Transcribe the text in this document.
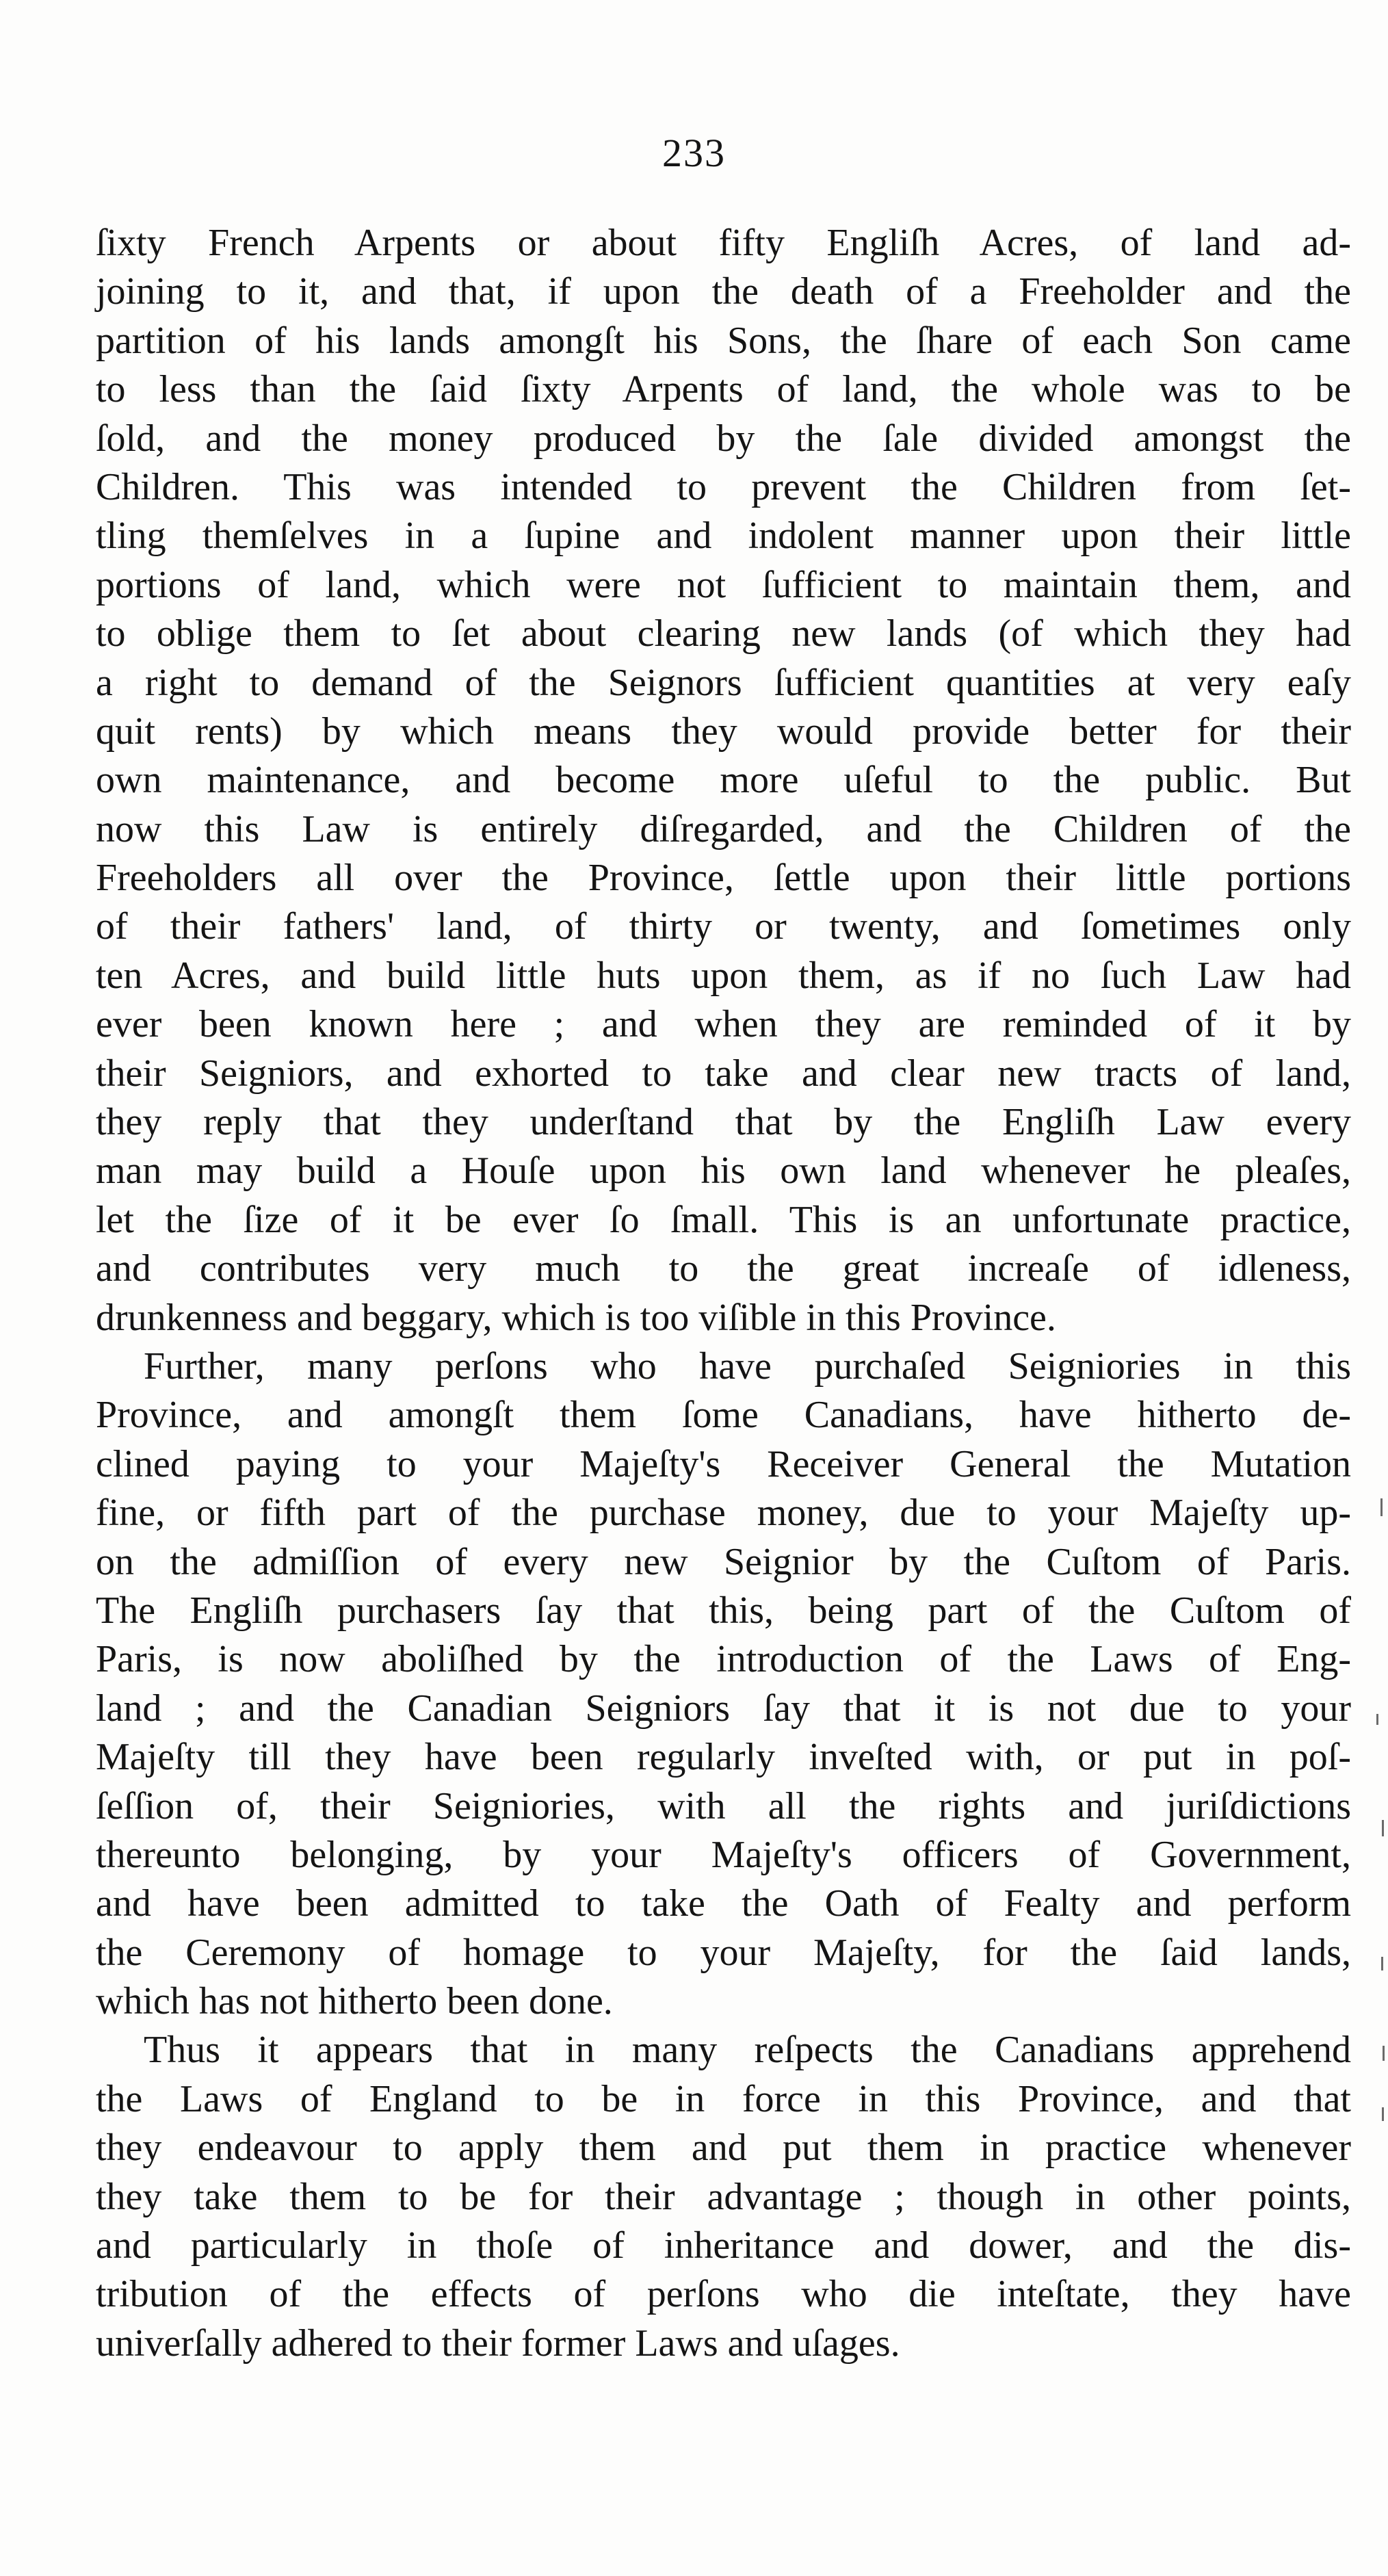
233
ſixty French Arpents or about fifty Engliſh Acres, of land ad-
joining to it, and that, if upon the death of a Freeholder and the
partition of his lands amongſt his Sons, the ſhare of each Son came
to less than the ſaid ſixty Arpents of land, the whole was to be
ſold, and the money produced by the ſale divided amongst the
Children. This was intended to prevent the Children from ſet-
tling themſelves in a ſupine and indolent manner upon their little
portions of land, which were not ſufficient to maintain them, and
to oblige them to ſet about clearing new lands (of which they had
a right to demand of the Seignors ſufficient quantities at very eaſy
quit rents) by which means they would provide better for their
own maintenance, and become more uſeful to the public. But
now this Law is entirely diſregarded, and the Children of the
Freeholders all over the Province, ſettle upon their little portions
of their fathers' land, of thirty or twenty, and ſometimes only
ten Acres, and build little huts upon them, as if no ſuch Law had
ever been known here ; and when they are reminded of it by
their Seigniors, and exhorted to take and clear new tracts of land,
they reply that they underſtand that by the Engliſh Law every
man may build a Houſe upon his own land whenever he pleaſes,
let the ſize of it be ever ſo ſmall. This is an unfortunate practice,
and contributes very much to the great increaſe of idleness,
drunkenness and beggary, which is too viſible in this Province.
Further, many perſons who have purchaſed Seigniories in this
Province, and amongſt them ſome Canadians, have hitherto de-
clined paying to your Majeſty's Receiver General the Mutation
fine, or fifth part of the purchase money, due to your Majeſty up-
on the admiſſion of every new Seignior by the Cuſtom of Paris.
The Engliſh purchasers ſay that this, being part of the Cuſtom of
Paris, is now aboliſhed by the introduction of the Laws of Eng-
land ; and the Canadian Seigniors ſay that it is not due to your
Majeſty till they have been regularly inveſted with, or put in poſ-
ſeſſion of, their Seigniories, with all the rights and juriſdictions
thereunto belonging, by your Majeſty's officers of Government,
and have been admitted to take the Oath of Fealty and perform
the Ceremony of homage to your Majeſty, for the ſaid lands,
which has not hitherto been done.
Thus it appears that in many reſpects the Canadians apprehend
the Laws of England to be in force in this Province, and that
they endeavour to apply them and put them in practice whenever
they take them to be for their advantage ; though in other points,
and particularly in thoſe of inheritance and dower, and the dis-
tribution of the effects of perſons who die inteſtate, they have
univerſally adhered to their former Laws and uſages.
